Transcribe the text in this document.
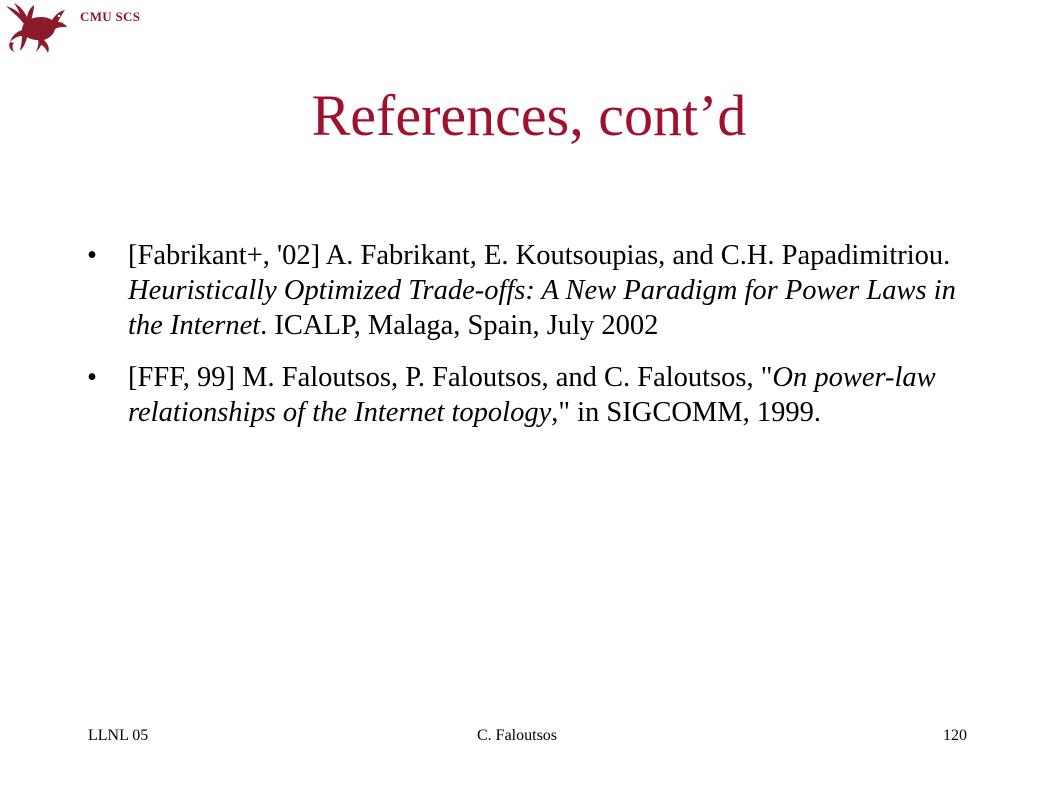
CMU SCS
References, cont’d
• [Fabrikant+, '02] A. Fabrikant, E. Koutsoupias, and C.H. Papadimitriou. Heuristically Optimized Trade-offs: A New Paradigm for Power Laws in the Internet. ICALP, Malaga, Spain, July 2002
• [FFF, 99] M. Faloutsos, P. Faloutsos, and C. Faloutsos, "On power-law relationships of the Internet topology," in SIGCOMM, 1999.
LLNL 05	C. Faloutsos	120
